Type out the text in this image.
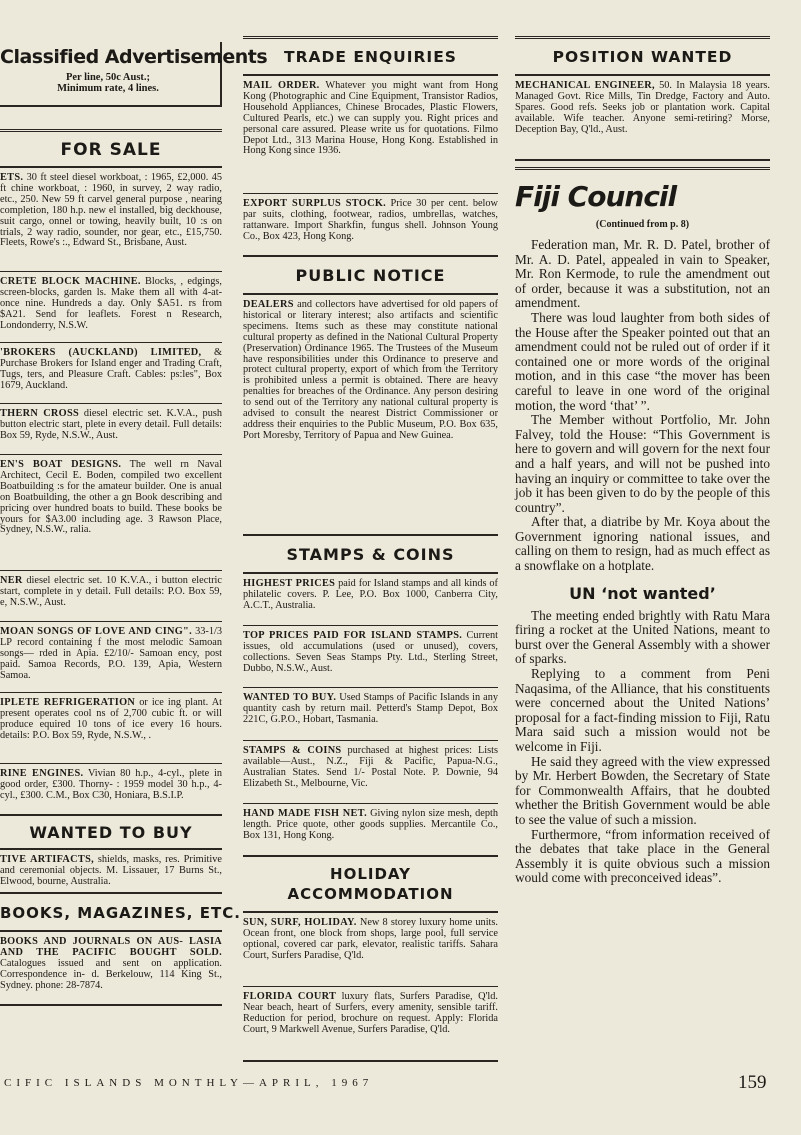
Classified Advertisements
Per line, 50c Aust.;
Minimum rate, 4 lines.
FOR SALE

ETS. 30 ft steel diesel workboat, : 1965, £2,000. 45 ft chine workboat, : 1960, in survey, 2 way radio, etc., 250. New 59 ft carvel general purpose , nearing completion, 180 h.p. new el installed, big deckhouse, suit cargo, onnel or towing, heavily built, 10 :s on trials, 2 way radio, sounder, nor gear, etc., £15,750. Fleets, Rowe's :., Edward St., Brisbane, Aust.

CRETE BLOCK MACHINE. Blocks, , edgings, screen-blocks, garden ls. Make them all with 4-at-once nine. Hundreds a day. Only $A51. rs from $A21. Send for leaflets. Forest n Research, Londonderry, N.S.W.

'BROKERS (AUCKLAND) LIMITED, & Purchase Brokers for Island enger and Trading Craft, Tugs, ters, and Pleasure Craft. Cables: ps:les", Box 1679, Auckland.

THERN CROSS diesel electric set. K.V.A., push button electric start, plete in every detail. Full details: Box 59, Ryde, N.S.W., Aust.

EN'S BOAT DESIGNS. The well rn Naval Architect, Cecil E. Boden, compiled two excellent Boatbuilding :s for the amateur builder. One is anual on Boatbuilding, the other a gn Book describing and pricing over hundred boats to build. These books be yours for $A3.00 including age. 3 Rawson Place, Sydney, N.S.W., ralia.

NER diesel electric set. 10 K.V.A., i button electric start, complete in y detail. Full details: P.O. Box 59, e, N.S.W., Aust.

MOAN SONGS OF LOVE AND CING". 33-1/3 LP record containing f the most melodic Samoan songs— rded in Apia. £2/10/- Samoan ency, post paid. Samoa Records, P.O. 139, Apia, Western Samoa.

IPLETE REFRIGERATION or ice ing plant. At present operates cool ns of 2,700 cubic ft. or will produce equired 10 tons of ice every 16 hours. details: P.O. Box 59, Ryde, N.S.W., .

RINE ENGINES. Vivian 80 h.p., 4-cyl., plete in good order, £300. Thorny- : 1959 model 30 h.p., 4-cyl., £300. C.M., Box C30, Honiara, B.S.I.P.

WANTED TO BUY

TIVE ARTIFACTS, shields, masks, res. Primitive and ceremonial objects. M. Lissauer, 17 Burns St., Elwood, bourne, Australia.

BOOKS, MAGAZINES, ETC.

BOOKS AND JOURNALS ON AUS- LASIA AND THE PACIFIC BOUGHT SOLD. Catalogues issued and sent on application. Correspondence in- d. Berkelouw, 114 King St., Sydney. phone: 28-7874.

TRADE ENQUIRIES

MAIL ORDER. Whatever you might want from Hong Kong (Photographic and Cine Equipment, Transistor Radios, Household Appliances, Chinese Brocades, Plastic Flowers, Cultured Pearls, etc.) we can supply you. Right prices and personal care assured. Please write us for quotations. Filmo Depot Ltd., 313 Marina House, Hong Kong. Established in Hong Kong since 1936.

EXPORT SURPLUS STOCK. Price 30 per cent. below par suits, clothing, footwear, radios, umbrellas, watches, rattanware. Import Sharkfin, fungus shell. Johnson Young Co., Box 423, Hong Kong.

PUBLIC NOTICE

DEALERS and collectors have advertised for old papers of historical or literary interest; also artifacts and scientific specimens. Items such as these may constitute national cultural property as defined in the National Cultural Property (Preservation) Ordinance 1965. The Trustees of the Museum have responsibilities under this Ordinance to preserve and protect cultural property, export of which from the Territory is prohibited unless a permit is obtained. There are heavy penalties for breaches of the Ordinance. Any person desiring to send out of the Territory any national cultural property is advised to consult the nearest District Commissioner or address their enquiries to the Public Museum, P.O. Box 635, Port Moresby, Territory of Papua and New Guinea.

STAMPS & COINS

HIGHEST PRICES paid for Island stamps and all kinds of philatelic covers. P. Lee, P.O. Box 1000, Canberra City, A.C.T., Australia.

TOP PRICES PAID FOR ISLAND STAMPS. Current issues, old accumulations (used or unused), covers, collections. Seven Seas Stamps Pty. Ltd., Sterling Street, Dubbo, N.S.W., Aust.

WANTED TO BUY. Used Stamps of Pacific Islands in any quantity cash by return mail. Petterd's Stamp Depot, Box 221C, G.P.O., Hobart, Tasmania.

STAMPS & COINS purchased at highest prices: Lists available—Aust., N.Z., Fiji & Pacific, Papua-N.G., Australian States. Send 1/- Postal Note. P. Downie, 94 Elizabeth St., Melbourne, Vic.

HAND MADE FISH NET. Giving nylon size mesh, depth length. Price quote, other goods supplies. Mercantile Co., Box 131, Hong Kong.

HOLIDAY
ACCOMMODATION

SUN, SURF, HOLIDAY. New 8 storey luxury home units. Ocean front, one block from shops, large pool, full service optional, covered car park, elevator, realistic tariffs. Sahara Court, Surfers Paradise, Q'ld.

FLORIDA COURT luxury flats, Surfers Paradise, Q'ld. Near beach, heart of Surfers, every amenity, sensible tariff. Reduction for period, brochure on request. Apply: Florida Court, 9 Markwell Avenue, Surfers Paradise, Q'ld.

POSITION WANTED

MECHANICAL ENGINEER, 50. In Malaysia 18 years. Managed Govt. Rice Mills, Tin Dredge, Factory and Auto. Spares. Good refs. Seeks job or plantation work. Capital available. Wife teacher. Anyone semi-retiring? Morse, Deception Bay, Q'ld., Aust.

Fiji Council
(Continued from p. 8)

Federation man, Mr. R. D. Patel, brother of Mr. A. D. Patel, appealed in vain to Speaker, Mr. Ron Kermode, to rule the amendment out of order, because it was a substitution, not an amendment.

There was loud laughter from both sides of the House after the Speaker pointed out that an amendment could not be ruled out of order if it contained one or more words of the original motion, and in this case “the mover has been careful to leave in one word of the original motion, the word ‘that’ ”.

The Member without Portfolio, Mr. John Falvey, told the House: “This Government is here to govern and will govern for the next four and a half years, and will not be pushed into having an inquiry or committee to take over the job it has been given to do by the people of this country”.

After that, a diatribe by Mr. Koya about the Government ignoring national issues, and calling on them to resign, had as much effect as a snowflake on a hotplate.

UN ‘not wanted’

The meeting ended brightly with Ratu Mara firing a rocket at the United Nations, meant to burst over the General Assembly with a shower of sparks.

Replying to a comment from Peni Naqasima, of the Alliance, that his constituents were concerned about the United Nations’ proposal for a fact-finding mission to Fiji, Ratu Mara said such a mission would not be welcome in Fiji.

He said they agreed with the view expressed by Mr. Herbert Bowden, the Secretary of State for Commonwealth Affairs, that he doubted whether the British Government would be able to see the value of such a mission.

Furthermore, “from information received of the debates that take place in the General Assembly it is quite obvious such a mission would come with preconceived ideas”.

CIFIC ISLANDS MONTHLY—APRIL, 1967	159
